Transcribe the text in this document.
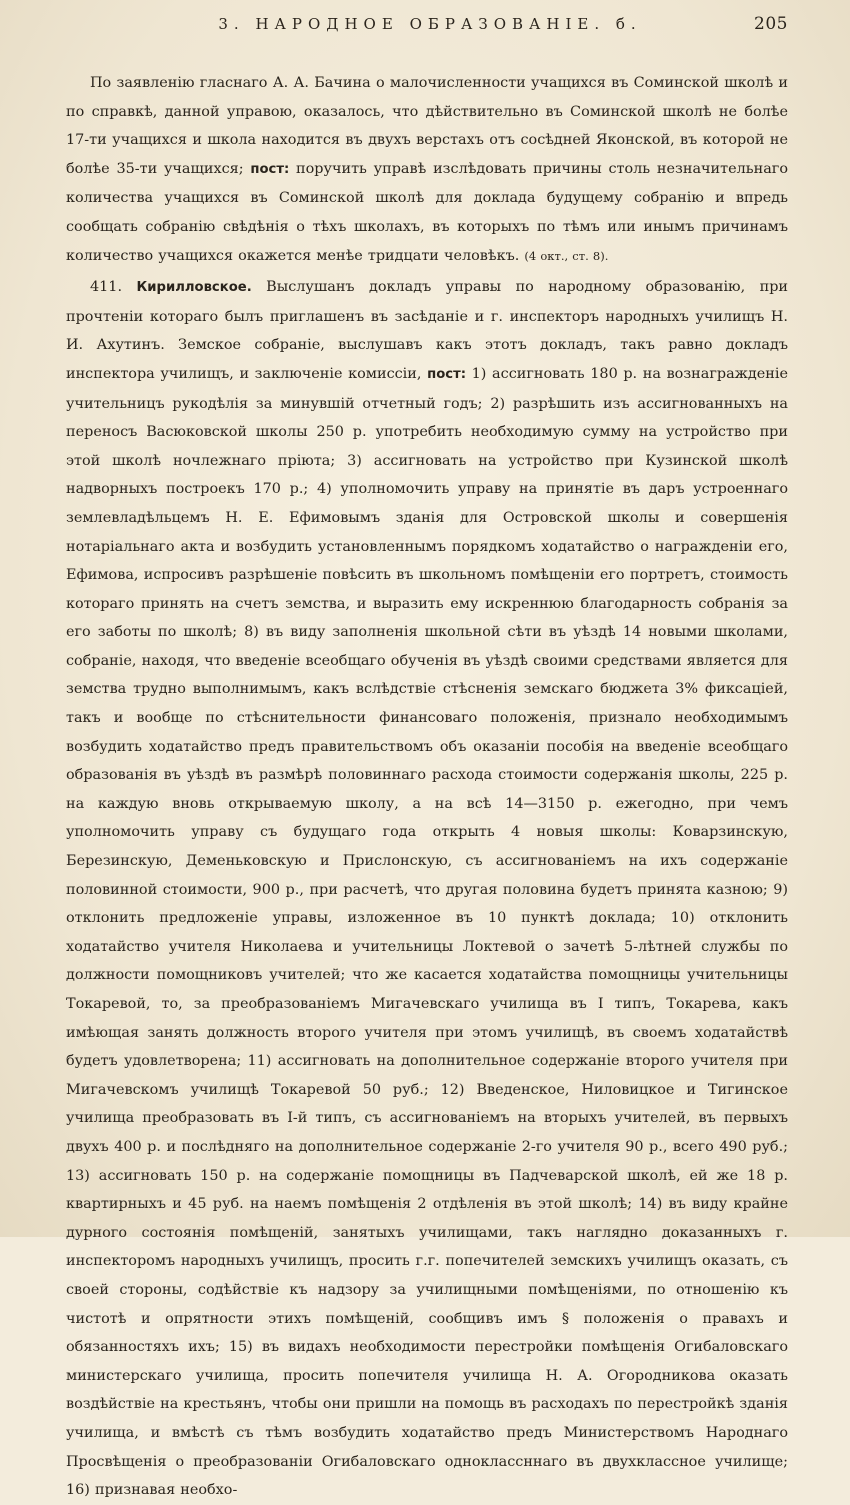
3. НАРОДНОЕ ОБРАЗОВАНІЕ. б.	205

По заявленію гласнаго А. А. Бачина о малочисленности учащихся въ Соминской школѣ и по справкѣ, данной управою, оказалось, что дѣйствительно въ Соминской школѣ не болѣе 17-ти учащихся и школа находится въ двухъ верстахъ отъ сосѣдней Яконской, въ которой не болѣе 35-ти учащихся; пост: поручить управѣ изслѣдовать причины столь незначительнаго количества учащихся въ Соминской школѣ для доклада будущему собранію и впредь сообщать собранію свѣдѣнія о тѣхъ школахъ, въ которыхъ по тѣмъ или инымъ причинамъ количество учащихся окажется менѣе тридцати человѣкъ. (4 окт., ст. 8).

411. Кирилловское. Выслушанъ докладъ управы по народному образованію, при прочтеніи котораго былъ приглашенъ въ засѣданіе и г. инспекторъ народныхъ училищъ Н. И. Ахутинъ. Земское собраніе, выслушавъ какъ этотъ докладъ, такъ равно докладъ инспектора училищъ, и заключеніе комиссіи, пост: 1) ассигновать 180 р. на вознагражденіе учительницъ рукодѣлія за минувшій отчетный годъ; 2) разрѣшить изъ ассигнованныхъ на переносъ Васюковской школы 250 р. употребить необходимую сумму на устройство при этой школѣ ночлежнаго пріюта; 3) ассигновать на устройство при Кузинской школѣ надворныхъ построекъ 170 р.; 4) уполномочить управу на принятіе въ даръ устроеннаго землевладѣльцемъ Н. Е. Ефимовымъ зданія для Островской школы и совершенія нотаріальнаго акта и возбудить установленнымъ порядкомъ ходатайство о награжденіи его, Ефимова, испросивъ разрѣшеніе повѣсить въ школьномъ помѣщеніи его портретъ, стоимость котораго принять на счетъ земства, и выразить ему искреннюю благодарность собранія за его заботы по школѣ; 8) въ виду заполненія школьной сѣти въ уѣздѣ 14 новыми школами, собраніе, находя, что введеніе всеобщаго обученія въ уѣздѣ своими средствами является для земства трудно выполнимымъ, какъ вслѣдствіе стѣсненія земскаго бюджета 3% фиксаціей, такъ и вообще по стѣснительности финансоваго положенія, признало необходимымъ возбудить ходатайство предъ правительствомъ объ оказаніи пособія на введеніе всеобщаго образованія въ уѣздѣ въ размѣрѣ половиннаго расхода стоимости содержанія школы, 225 р. на каждую вновь открываемую школу, а на всѣ 14—3150 р. ежегодно, при чемъ уполномочить управу съ будущаго года открыть 4 новыя школы: Коварзинскую, Березинскую, Деменьковскую и Прислонскую, съ ассигнованіемъ на ихъ содержаніе половинной стоимости, 900 р., при расчетѣ, что другая половина будетъ принята казною; 9) отклонить предложеніе управы, изложенное въ 10 пунктѣ доклада; 10) отклонить ходатайство учителя Николаева и учительницы Локтевой о зачетѣ 5-лѣтней службы по должности помощниковъ учителей; что же касается ходатайства помощницы учительницы Токаревой, то, за преобразованіемъ Мигачевскаго училища въ I типъ, Токарева, какъ имѣющая занять должность второго учителя при этомъ училищѣ, въ своемъ ходатайствѣ будетъ удовлетворена; 11) ассигновать на дополнительное содержаніе второго учителя при Мигачевскомъ училищѣ Токаревой 50 руб.; 12) Введенское, Ниловицкое и Тигинское училища преобразовать въ I-й типъ, съ ассигнованіемъ на вторыхъ учителей, въ первыхъ двухъ 400 р. и послѣдняго на дополнительное содержаніе 2-го учителя 90 р., всего 490 руб.; 13) ассигновать 150 р. на содержаніе помощницы въ Падчеварской школѣ, ей же 18 р. квартирныхъ и 45 руб. на наемъ помѣщенія 2 отдѣленія въ этой школѣ; 14) въ виду крайне дурного состоянія помѣщеній, занятыхъ училищами, такъ наглядно доказанныхъ г. инспекторомъ народныхъ училищъ, просить г.г. попечителей земскихъ училищъ оказать, съ своей стороны, содѣйствіе къ надзору за училищными помѣщеніями, по отношенію къ чистотѣ и опрятности этихъ помѣщеній, сообщивъ имъ § положенія о правахъ и обязанностяхъ ихъ; 15) въ видахъ необходимости перестройки помѣщенія Огибаловскаго министерскаго училища, просить попечителя училища Н. А. Огородникова оказать воздѣйствіе на крестьянъ, чтобы они пришли на помощь въ расходахъ по перестройкѣ зданія училища, и вмѣстѣ съ тѣмъ возбудить ходатайство предъ Министерствомъ Народнаго Просвѣщенія о преобразованіи Огибаловскаго одноклассннаго въ двухклассное училище; 16) признавая необхо-
